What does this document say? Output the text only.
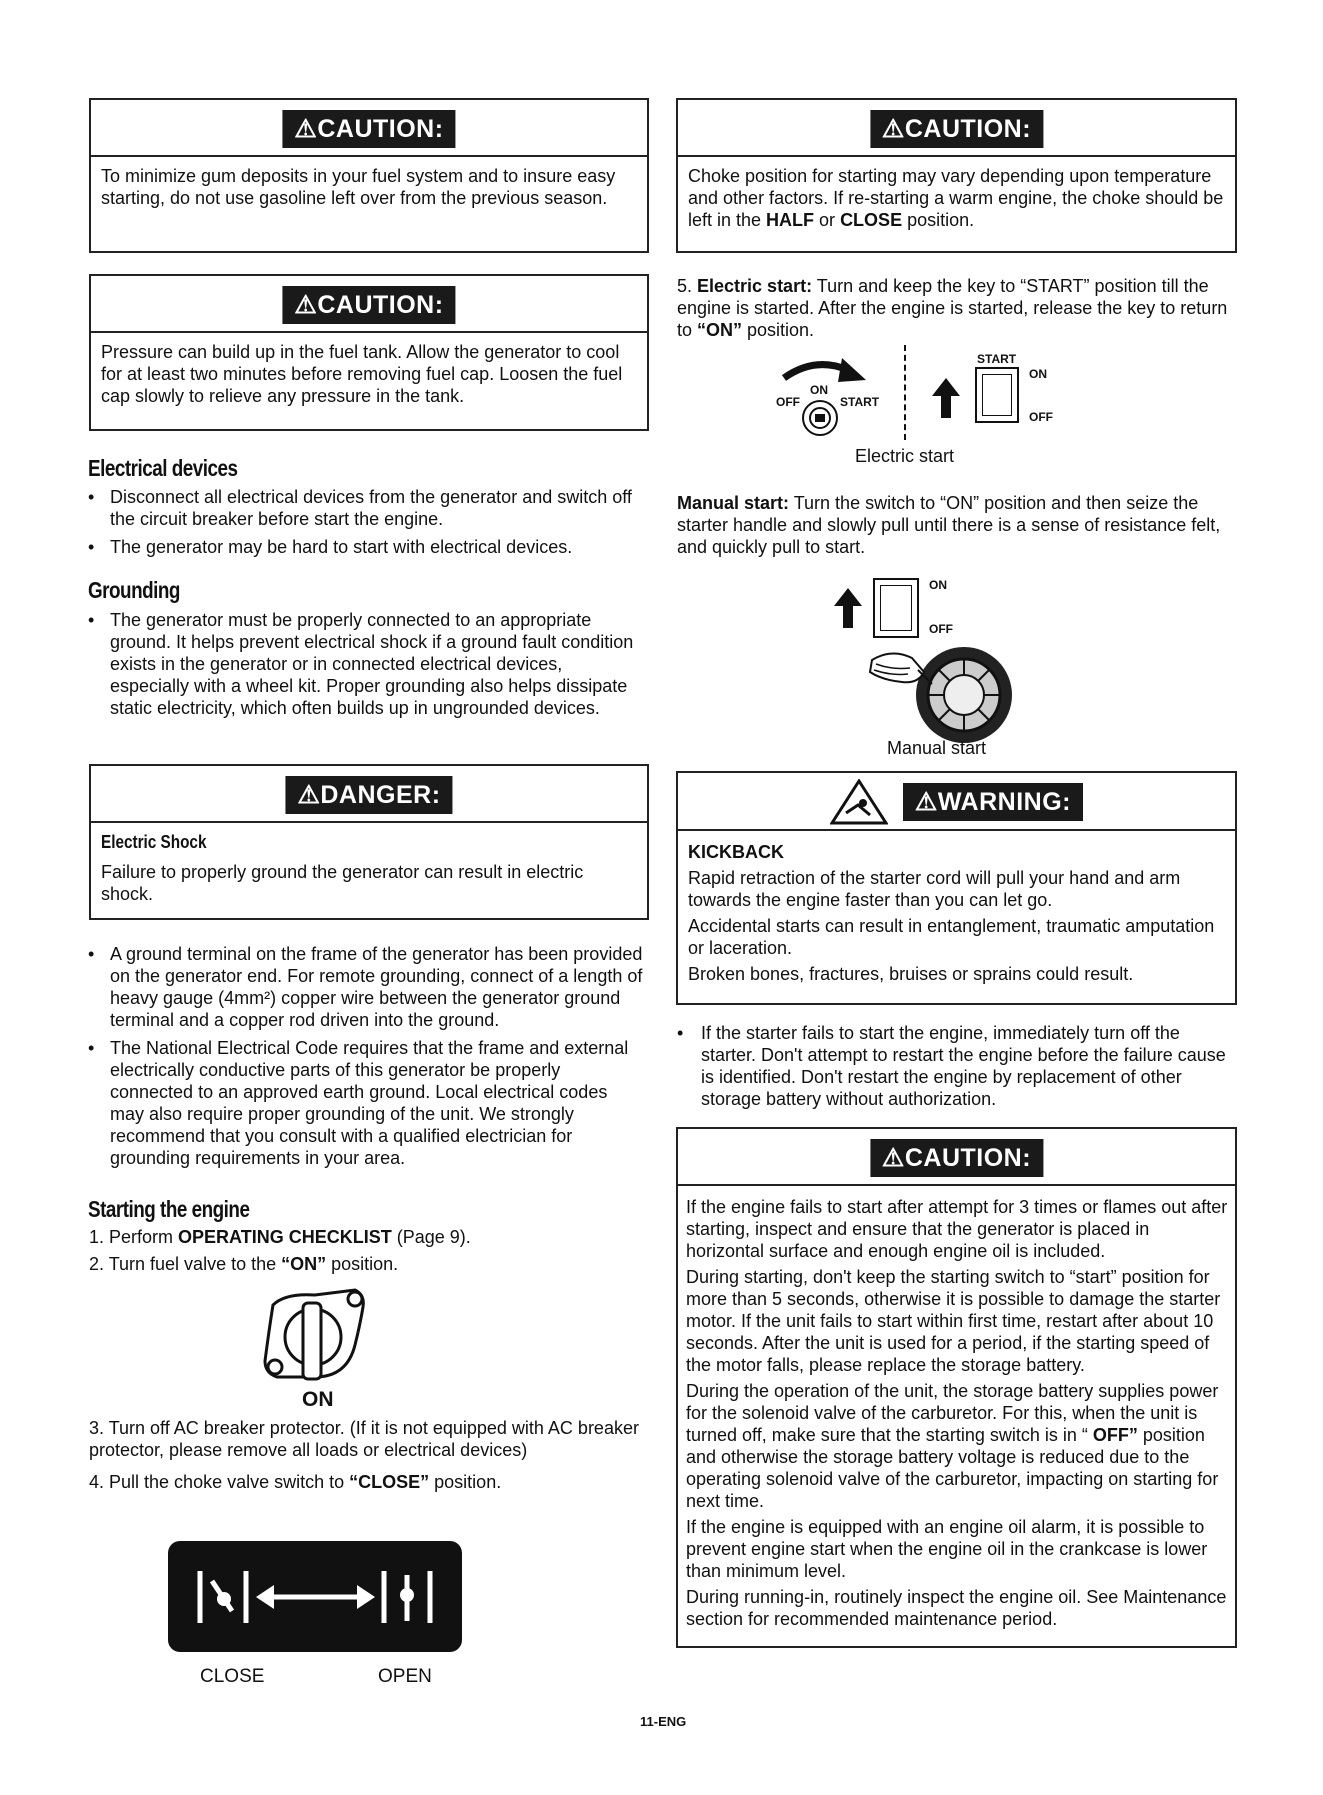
⚠CAUTION:

To minimize gum deposits in your fuel system and to insure easy starting, do not use gasoline left over from the previous season.

⚠CAUTION:

Pressure can build up in the fuel tank. Allow the generator to cool for at least two minutes before removing fuel cap. Loosen the fuel cap slowly to relieve any pressure in the tank.

Electrical devices
• Disconnect all electrical devices from the generator and switch off the circuit breaker before start the engine.
• The generator may be hard to start with electrical devices.
Grounding
• The generator must be properly connected to an appropriate ground. It helps prevent electrical shock if a ground fault condition exists in the generator or in connected electrical devices, especially with a wheel kit. Proper grounding also helps dissipate static electricity, which often builds up in ungrounded devices.
⚠DANGER:
Electric Shock

Failure to properly ground the generator can result in electric shock.

• A ground terminal on the frame of the generator has been provided on the generator end. For remote grounding, connect of a length of heavy gauge (4mm²) copper wire between the generator ground terminal and a copper rod driven into the ground.
• The National Electrical Code requires that the frame and external electrically conductive parts of this generator be properly connected to an approved earth ground. Local electrical codes may also require proper grounding of the unit. We strongly recommend that you consult with a qualified electrician for grounding requirements in your area.
Starting the engine
1. Perform OPERATING CHECKLIST (Page 9).
2. Turn fuel valve to the “ON” position.
ON
3. Turn off AC breaker protector. (If it is not equipped with AC breaker protector, please remove all loads or electrical devices)
4. Pull the choke valve switch to “CLOSE” position.
CLOSE	OPEN
⚠CAUTION:

Choke position for starting may vary depending upon temperature and other factors. If re-starting a warm engine, the choke should be left in the HALF or CLOSE position.

5. Electric start: Turn and keep the key to “START” position till the engine is started. After the engine is started, release the key to return to “ON” position.
OFF
ON
START
START
ON
OFF
Electric start
Manual start: Turn the switch to “ON” position and then seize the starter handle and slowly pull until there is a sense of resistance felt, and quickly pull to start.
ON
OFF
Manual start
⚠WARNING:

KICKBACK

Rapid retraction of the starter cord will pull your hand and arm towards the engine faster than you can let go.

Accidental starts can result in entanglement, traumatic amputation or laceration.

Broken bones, fractures, bruises or sprains could result.

• If the starter fails to start the engine, immediately turn off the starter. Don't attempt to restart the engine before the failure cause is identified. Don't restart the engine by replacement of other storage battery without authorization.
⚠CAUTION:

If the engine fails to start after attempt for 3 times or flames out after starting, inspect and ensure that the generator is placed in horizontal surface and enough engine oil is included.

During starting, don't keep the starting switch to “start” position for more than 5 seconds, otherwise it is possible to damage the starter motor. If the unit fails to start within first time, restart after about 10 seconds. After the unit is used for a period, if the starting speed of the motor falls, please replace the storage battery.

During the operation of the unit, the storage battery supplies power for the solenoid valve of the carburetor. For this, when the unit is turned off, make sure that the starting switch is in “ OFF” position and otherwise the storage battery voltage is reduced due to the operating solenoid valve of the carburetor, impacting on starting for next time.

If the engine is equipped with an engine oil alarm, it is possible to prevent engine start when the engine oil in the crankcase is lower than minimum level.

During running-in, routinely inspect the engine oil. See Maintenance section for recommended maintenance period.

11-ENG
